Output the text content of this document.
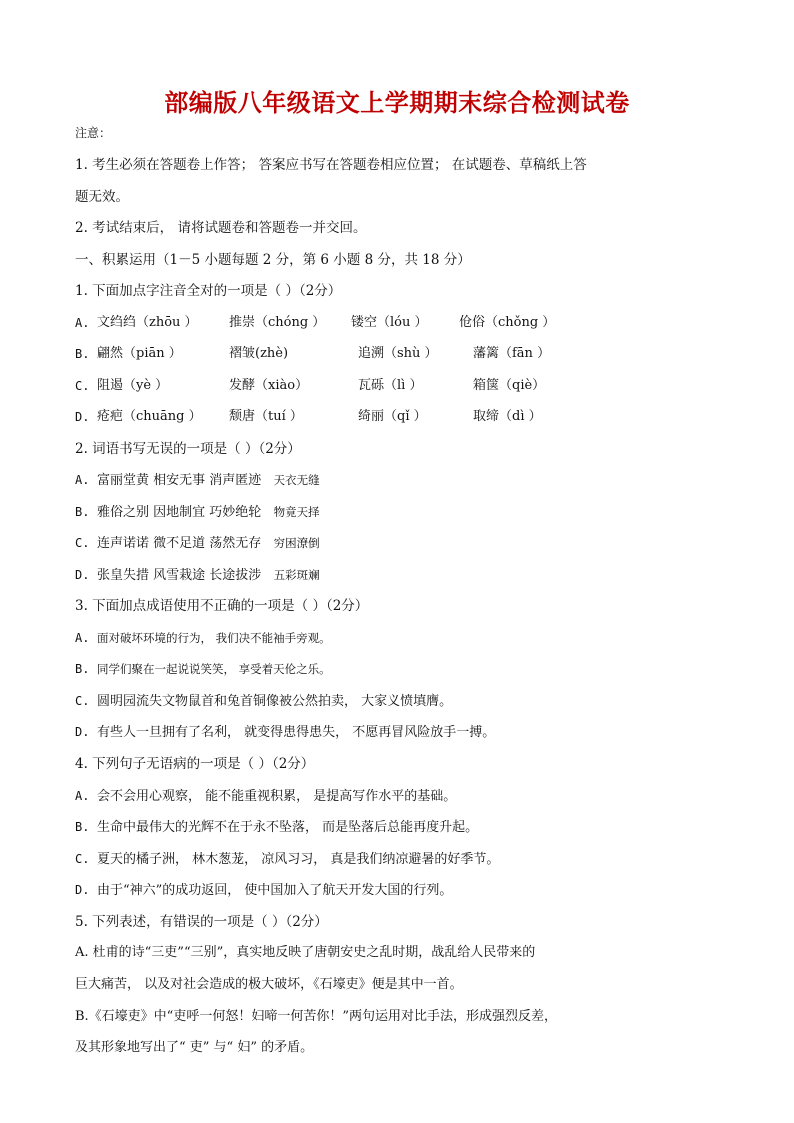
部编版八年级语文上学期期末综合检测试卷
注意：
1. 考生必须在答题卷上作答； 答案应书写在答题卷相应位置； 在试题卷、草稿纸上答
题无效。
2. 考试结束后， 请将试题卷和答题卷一并交回。
一、积累运用（1－5 小题每题 2 分，第 6 小题 8 分，共 18 分）
1. 下面加点字注音全对的一项是（ ）（2分）
A. 文绉绉（zhōu ） 推崇（chóng ） 镂空（lóu ） 伧俗（chǒng ）
B. 翩然（piān ）	褶皱(zhè)	追溯（shù ）	藩篱（fān ）
C. 阻遏（yè ）	发酵（xiào）	瓦砾（lì ）	箱箧（qiè）
D. 疮疤（chuāng ） 颓唐（tuí ）	绮丽（qǐ ）	取缔（dì ）
2. 词语书写无误的一项是（ ）（2分）
A. 富丽堂黄 相安无事 消声匿迹 天衣无缝
B. 雅俗之别 因地制宜 巧妙绝轮 物竟天择
C. 连声诺诺 微不足道 荡然无存 穷困潦倒
D. 张皇失措 风雪栽途 长途拔涉 五彩斑斓
3. 下面加点成语使用不正确的一项是（ ）（2分）
A. 面对破坏环境的行为， 我们决不能袖手旁观。
B. 同学们聚在一起说说笑笑， 享受着天伦之乐。
C. 圆明园流失文物鼠首和兔首铜像被公然拍卖， 大家义愤填膺。
D. 有些人一旦拥有了名利， 就变得患得患失， 不愿再冒风险放手一搏。
4. 下列句子无语病的一项是（ ）（2分）
A. 会不会用心观察， 能不能重视积累， 是提高写作水平的基础。
B. 生命中最伟大的光辉不在于永不坠落， 而是坠落后总能再度升起。
C. 夏天的橘子洲， 林木葱茏， 凉风习习， 真是我们纳凉避暑的好季节。
D. 由于“神六”的成功返回， 使中国加入了航天开发大国的行列。
5. 下列表述，有错误的一项是（ ）（2分）
A. 杜甫的诗“三吏”“三别”，真实地反映了唐朝安史之乱时期，战乱给人民带来的
巨大痛苦， 以及对社会造成的极大破坏，《石壕吏》便是其中一首。
B.《石壕吏》中“吏呼一何怒！妇啼一何苦你！”两句运用对比手法，形成强烈反差，
及其形象地写出了“ 吏” 与“ 妇” 的矛盾。
